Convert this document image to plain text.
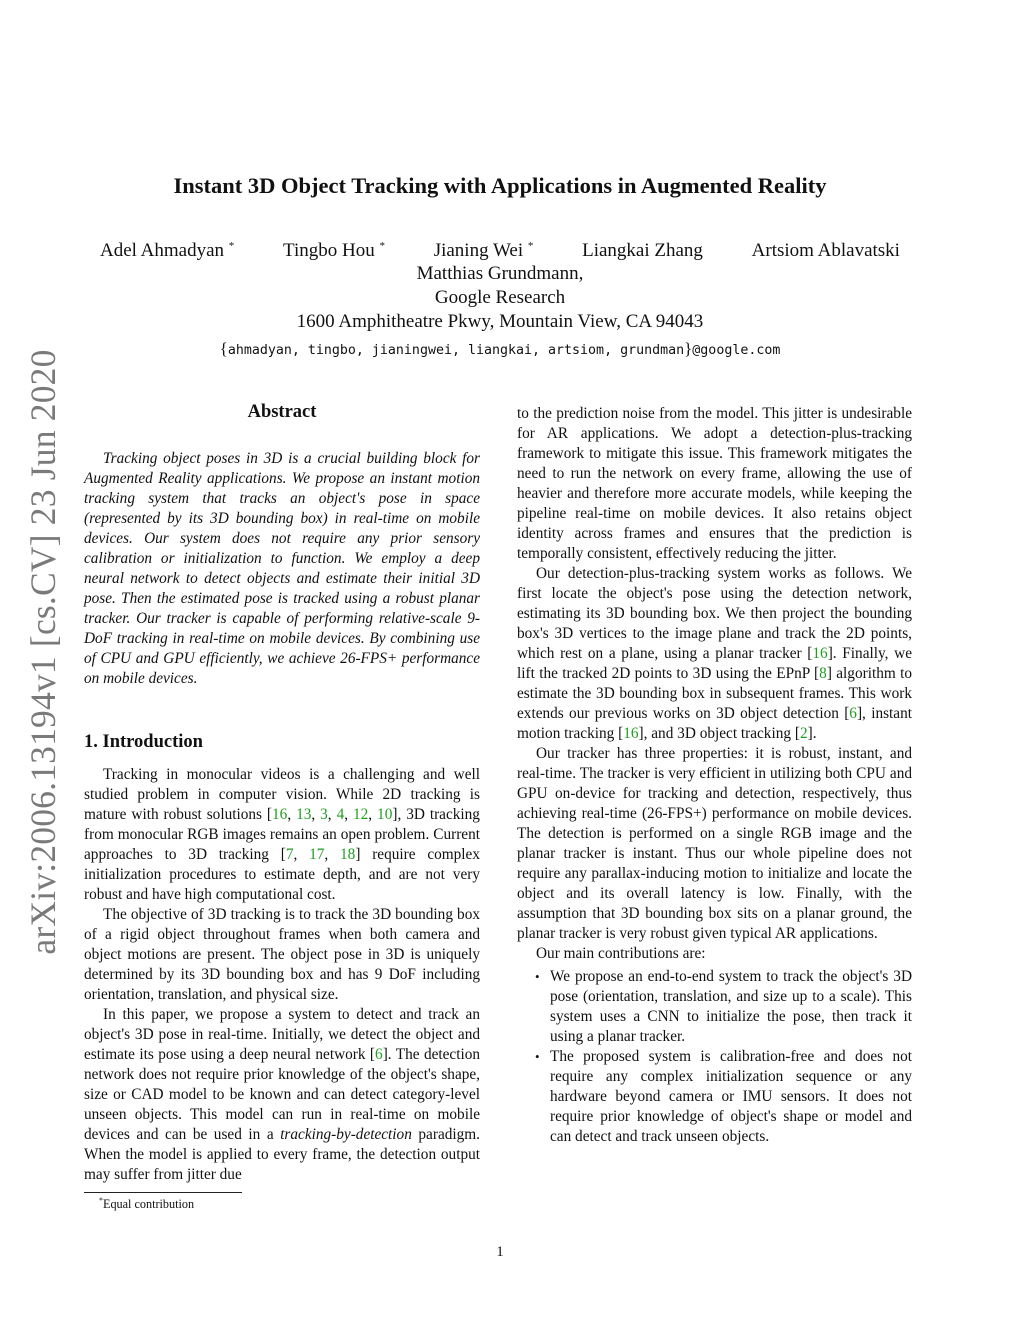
arXiv:2006.13194v1 [cs.CV] 23 Jun 2020
Instant 3D Object Tracking with Applications in Augmented Reality
Adel Ahmadyan *	Tingbo Hou *	Jianing Wei *	Liangkai Zhang	Artsiom Ablavatski
Matthias Grundmann,
Google Research
1600 Amphitheatre Pkwy, Mountain View, CA 94043
{ahmadyan, tingbo, jianingwei, liangkai, artsiom, grundman}@google.com
Abstract

Tracking object poses in 3D is a crucial building block for Augmented Reality applications. We propose an instant motion tracking system that tracks an object's pose in space (represented by its 3D bounding box) in real-time on mobile devices. Our system does not require any prior sensory calibration or initialization to function. We employ a deep neural network to detect objects and estimate their initial 3D pose. Then the estimated pose is tracked using a robust planar tracker. Our tracker is capable of performing relative-scale 9-DoF tracking in real-time on mobile devices. By combining use of CPU and GPU efficiently, we achieve 26-FPS+ performance on mobile devices.

1. Introduction

Tracking in monocular videos is a challenging and well studied problem in computer vision. While 2D tracking is mature with robust solutions [16, 13, 3, 4, 12, 10], 3D tracking from monocular RGB images remains an open problem. Current approaches to 3D tracking [7, 17, 18] require complex initialization procedures to estimate depth, and are not very robust and have high computational cost.

The objective of 3D tracking is to track the 3D bounding box of a rigid object throughout frames when both camera and object motions are present. The object pose in 3D is uniquely determined by its 3D bounding box and has 9 DoF including orientation, translation, and physical size.

In this paper, we propose a system to detect and track an object's 3D pose in real-time. Initially, we detect the object and estimate its pose using a deep neural network [6]. The detection network does not require prior knowledge of the object's shape, size or CAD model to be known and can detect category-level unseen objects. This model can run in real-time on mobile devices and can be used in a tracking-by-detection paradigm. When the model is applied to every frame, the detection output may suffer from jitter due

to the prediction noise from the model. This jitter is undesirable for AR applications. We adopt a detection-plus-tracking framework to mitigate this issue. This framework mitigates the need to run the network on every frame, allowing the use of heavier and therefore more accurate models, while keeping the pipeline real-time on mobile devices. It also retains object identity across frames and ensures that the prediction is temporally consistent, effectively reducing the jitter.

Our detection-plus-tracking system works as follows. We first locate the object's pose using the detection network, estimating its 3D bounding box. We then project the bounding box's 3D vertices to the image plane and track the 2D points, which rest on a plane, using a planar tracker [16]. Finally, we lift the tracked 2D points to 3D using the EPnP [8] algorithm to estimate the 3D bounding box in subsequent frames. This work extends our previous works on 3D object detection [6], instant motion tracking [16], and 3D object tracking [2].

Our tracker has three properties: it is robust, instant, and real-time. The tracker is very efficient in utilizing both CPU and GPU on-device for tracking and detection, respectively, thus achieving real-time (26-FPS+) performance on mobile devices. The detection is performed on a single RGB image and the planar tracker is instant. Thus our whole pipeline does not require any parallax-inducing motion to initialize and locate the object and its overall latency is low. Finally, with the assumption that 3D bounding box sits on a planar ground, the planar tracker is very robust given typical AR applications.

Our main contributions are:

• We propose an end-to-end system to track the object's 3D pose (orientation, translation, and size up to a scale). This system uses a CNN to initialize the pose, then track it using a planar tracker.
• The proposed system is calibration-free and does not require any complex initialization sequence or any hardware beyond camera or IMU sensors. It does not require prior knowledge of object's shape or model and can detect and track unseen objects.
*Equal contribution
1
